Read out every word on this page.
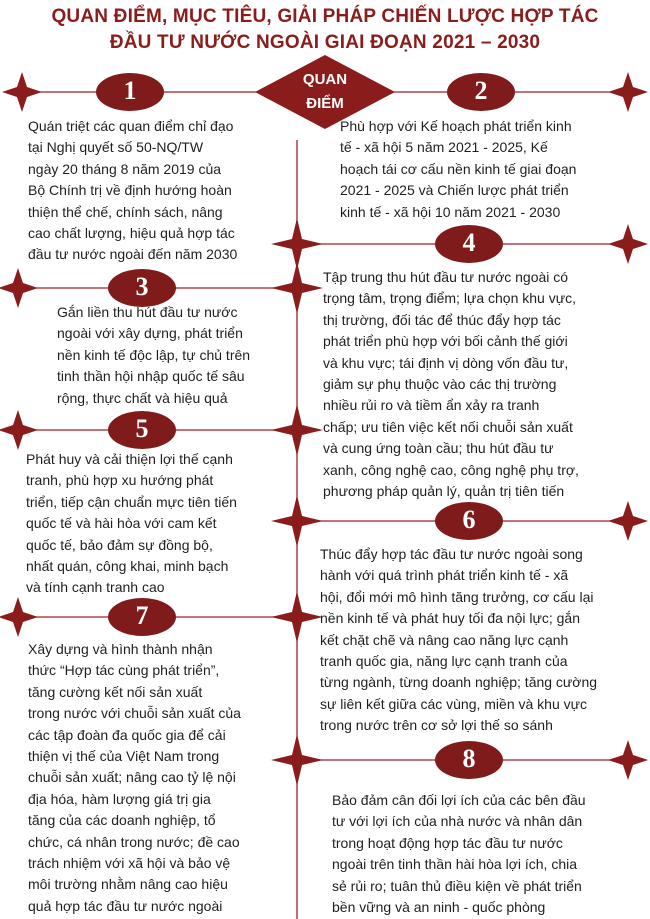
QUAN ĐIỂM, MỤC TIÊU, GIẢI PHÁP CHIẾN LƯỢC HỢP TÁC
ĐẦU TƯ NƯỚC NGOÀI GIAI ĐOẠN 2021 – 2030
QUAN
ĐIỂM
1	2
3
4
5
6
7
8
Quán triệt các quan điểm chỉ đạo
tại Nghị quyết số 50-NQ/TW
ngày 20 tháng 8 năm 2019 của
Bộ Chính trị về định hướng hoàn
thiện thể chế, chính sách, nâng
cao chất lượng, hiệu quả hợp tác
đầu tư nước ngoài đến năm 2030
Phù hợp với Kế hoạch phát triển kinh
tế - xã hội 5 năm 2021 - 2025, Kế
hoạch tái cơ cấu nền kinh tế giai đoạn
2021 - 2025 và Chiến lược phát triển
kinh tế - xã hội 10 năm 2021 - 2030
Gắn liền thu hút đầu tư nước
ngoài với xây dựng, phát triển
nền kinh tế độc lập, tự chủ trên
tinh thần hội nhập quốc tế sâu
rộng, thực chất và hiệu quả
Tập trung thu hút đầu tư nước ngoài có
trọng tâm, trọng điểm; lựa chọn khu vực,
thị trường, đối tác để thúc đẩy hợp tác
phát triển phù hợp với bối cảnh thế giới
và khu vực; tái định vị dòng vốn đầu tư,
giảm sự phụ thuộc vào các thị trường
nhiều rủi ro và tiềm ẩn xảy ra tranh
chấp; ưu tiên việc kết nối chuỗi sản xuất
và cung ứng toàn cầu; thu hút đầu tư
xanh, công nghệ cao, công nghệ phụ trợ,
phương pháp quản lý, quản trị tiên tiến
Phát huy và cải thiện lợi thế cạnh
tranh, phù hợp xu hướng phát
triển, tiếp cận chuẩn mực tiên tiến
quốc tế và hài hòa với cam kết
quốc tế, bảo đảm sự đồng bộ,
nhất quán, công khai, minh bạch
và tính cạnh tranh cao
Thúc đẩy hợp tác đầu tư nước ngoài song
hành với quá trình phát triển kinh tế - xã
hội, đổi mới mô hình tăng trưởng, cơ cấu lại
nền kinh tế và phát huy tối đa nội lực; gắn
kết chặt chẽ và nâng cao năng lực cạnh
tranh quốc gia, năng lực cạnh tranh của
từng ngành, từng doanh nghiệp; tăng cường
sự liên kết giữa các vùng, miền và khu vực
trong nước trên cơ sở lợi thế so sánh
Xây dựng và hình thành nhận
thức “Hợp tác cùng phát triển”,
tăng cường kết nối sản xuất
trong nước với chuỗi sản xuất của
các tập đoàn đa quốc gia để cải
thiện vị thế của Việt Nam trong
chuỗi sản xuất; nâng cao tỷ lệ nội
địa hóa, hàm lượng giá trị gia
tăng của các doanh nghiệp, tổ
chức, cá nhân trong nước; đề cao
trách nhiệm với xã hội và bảo vệ
môi trường nhằm nâng cao hiệu
quả hợp tác đầu tư nước ngoài
Bảo đảm cân đối lợi ích của các bên đầu
tư với lợi ích của nhà nước và nhân dân
trong hoạt động hợp tác đầu tư nước
ngoài trên tinh thần hài hòa lợi ích, chia
sẻ rủi ro; tuân thủ điều kiện về phát triển
bền vững và an ninh - quốc phòng
